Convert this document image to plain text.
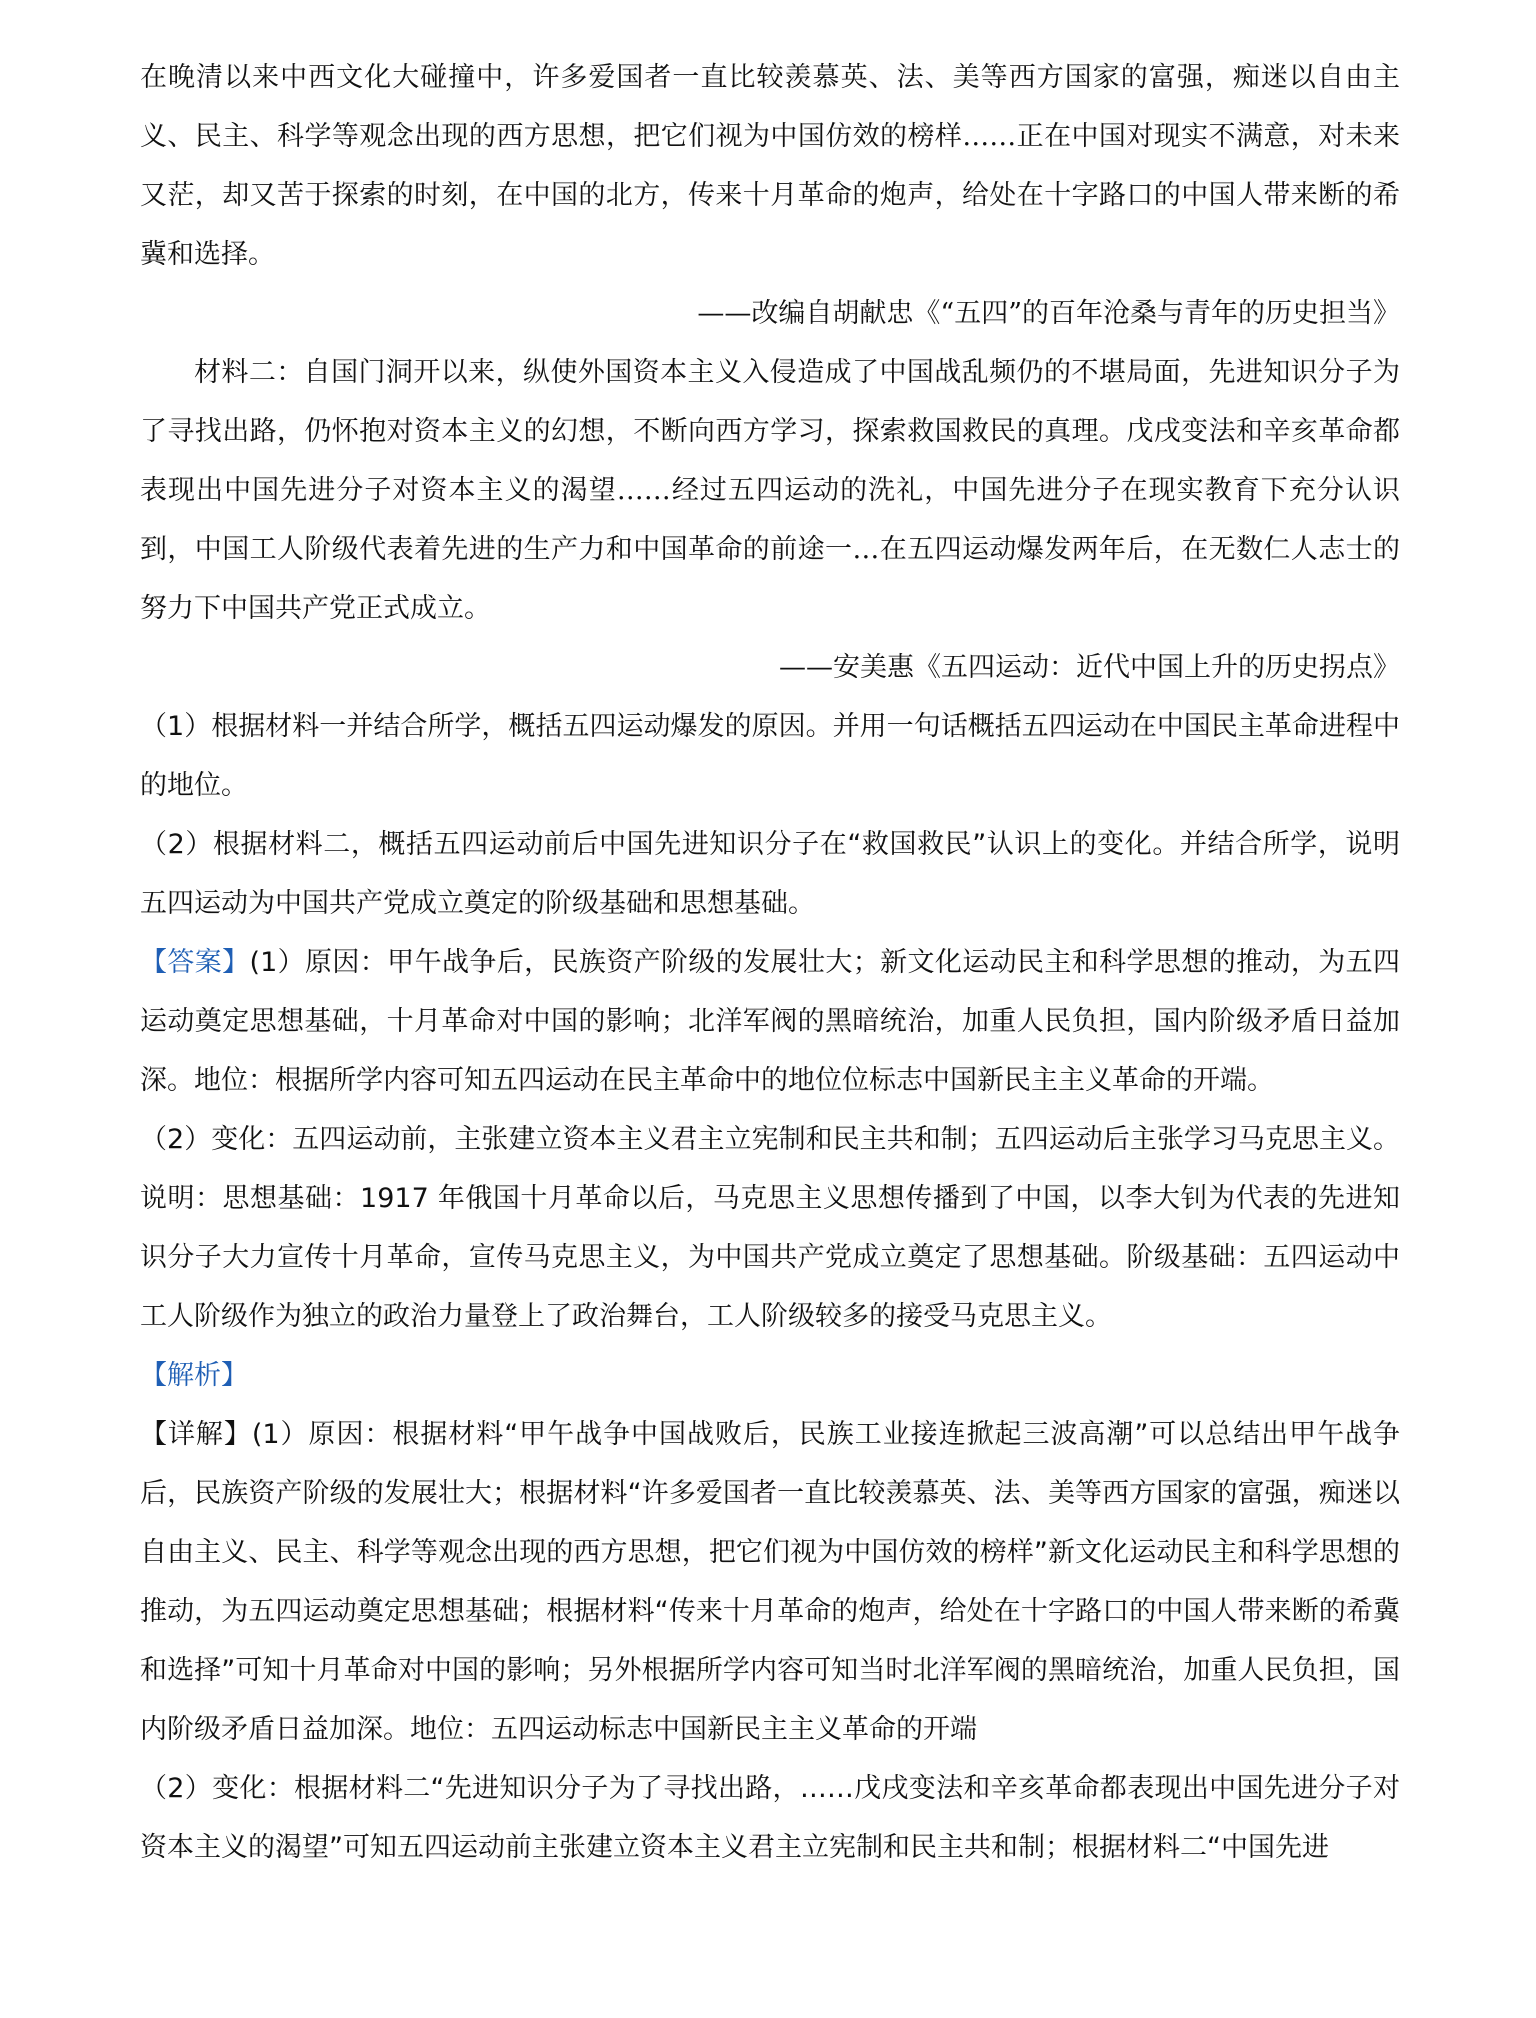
在晚清以来中西文化大碰撞中，许多爱国者一直比较羡慕英、法、美等西方国家的富强，痴迷以自由主义、民主、科学等观念出现的西方思想，把它们视为中国仿效的榜样……正在中国对现实不满意，对未来又茫，却又苦于探索的时刻，在中国的北方，传来十月革命的炮声，给处在十字路口的中国人带来断的希冀和选择。

——改编自胡献忠《“五四”的百年沧桑与青年的历史担当》

材料二：自国门洞开以来，纵使外国资本主义入侵造成了中国战乱频仍的不堪局面，先进知识分子为了寻找出路，仍怀抱对资本主义的幻想，不断向西方学习，探索救国救民的真理。戊戌变法和辛亥革命都表现出中国先进分子对资本主义的渴望……经过五四运动的洗礼，中国先进分子在现实教育下充分认识到，中国工人阶级代表着先进的生产力和中国革命的前途一…在五四运动爆发两年后，在无数仁人志士的努力下中国共产党正式成立。

——安美惠《五四运动：近代中国上升的历史拐点》

（1）根据材料一并结合所学，概括五四运动爆发的原因。并用一句话概括五四运动在中国民主革命进程中的地位。

（2）根据材料二，概括五四运动前后中国先进知识分子在“救国救民”认识上的变化。并结合所学，说明五四运动为中国共产党成立奠定的阶级基础和思想基础。

【答案】(1）原因：甲午战争后，民族资产阶级的发展壮大；新文化运动民主和科学思想的推动，为五四运动奠定思想基础，十月革命对中国的影响；北洋军阀的黑暗统治，加重人民负担，国内阶级矛盾日益加深。地位：根据所学内容可知五四运动在民主革命中的地位位标志中国新民主主义革命的开端。

（2）变化：五四运动前，主张建立资本主义君主立宪制和民主共和制；五四运动后主张学习马克思主义。说明：思想基础：1917 年俄国十月革命以后，马克思主义思想传播到了中国，以李大钊为代表的先进知识分子大力宣传十月革命，宣传马克思主义，为中国共产党成立奠定了思想基础。阶级基础：五四运动中工人阶级作为独立的政治力量登上了政治舞台，工人阶级较多的接受马克思主义。

【解析】

【详解】(1）原因：根据材料“甲午战争中国战败后，民族工业接连掀起三波高潮”可以总结出甲午战争后，民族资产阶级的发展壮大；根据材料“许多爱国者一直比较羡慕英、法、美等西方国家的富强，痴迷以自由主义、民主、科学等观念出现的西方思想，把它们视为中国仿效的榜样”新文化运动民主和科学思想的推动，为五四运动奠定思想基础；根据材料“传来十月革命的炮声，给处在十字路口的中国人带来断的希冀和选择”可知十月革命对中国的影响；另外根据所学内容可知当时北洋军阀的黑暗统治，加重人民负担，国内阶级矛盾日益加深。地位：五四运动标志中国新民主主义革命的开端

（2）变化：根据材料二“先进知识分子为了寻找出路，……戊戌变法和辛亥革命都表现出中国先进分子对资本主义的渴望”可知五四运动前主张建立资本主义君主立宪制和民主共和制；根据材料二“中国先进
